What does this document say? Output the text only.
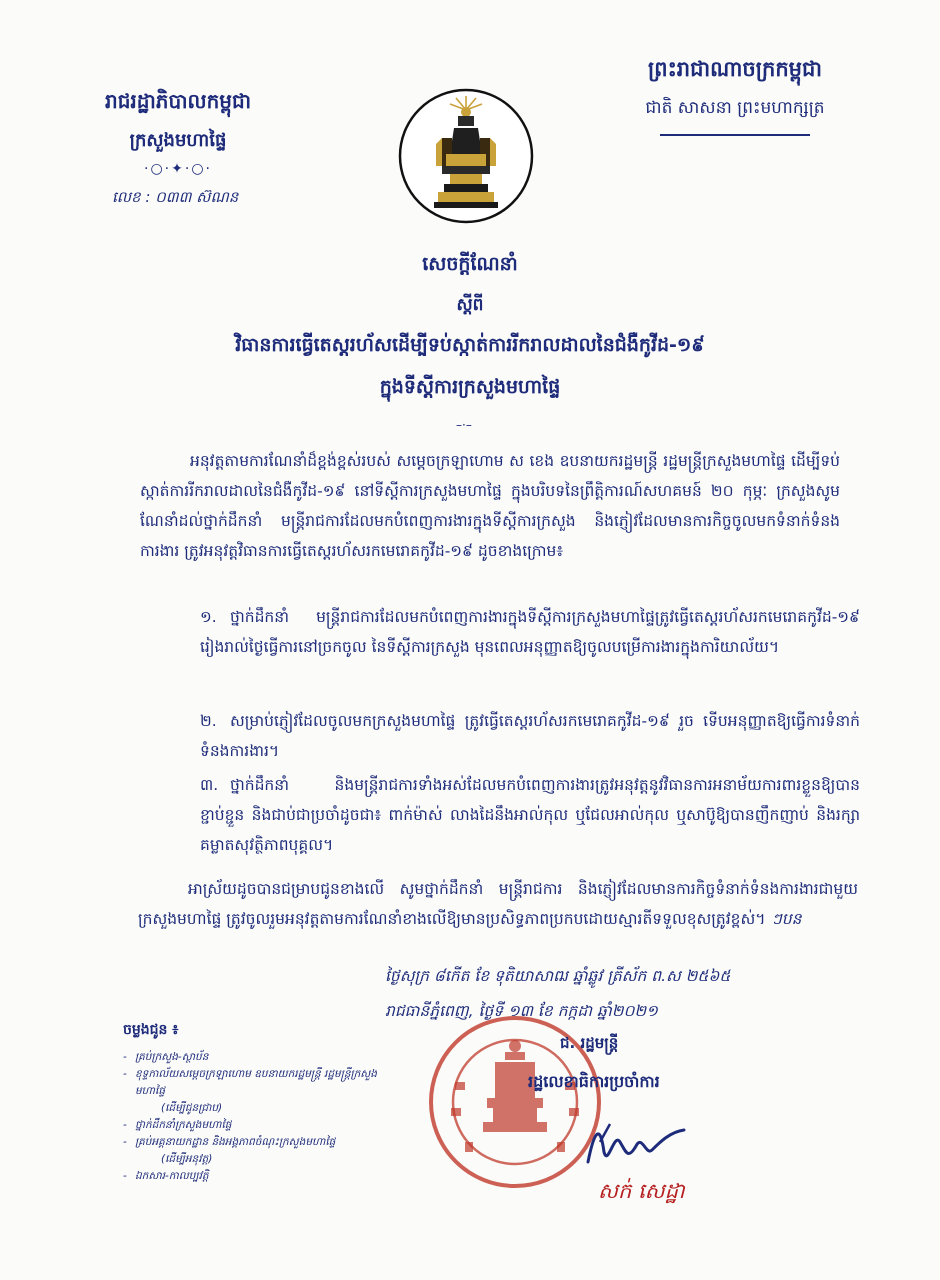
រាជរដ្ឋាភិបាលកម្ពុជា
ក្រសួងមហាផ្ទៃ
·○·✦·○·
លេខ : ០៣៣ ស៊ណន
ព្រះរាជាណាចក្រកម្ពុជា
ជាតិ សាសនា ព្រះមហាក្សត្រ
សេចក្ដីណែនាំ
ស្ដីពី
វិធានការធ្វើតេស្តរហ័សដើម្បីទប់ស្កាត់ការរីករាលដាលនៃជំងឺកូវីដ-១៩
ក្នុងទីស្ដីការក្រសួងមហាផ្ទៃ
–·–
អនុវត្តតាមការណែនាំដ៏ខ្ពង់ខ្ពស់របស់ សម្ដេចក្រឡាហោម ស ខេង ឧបនាយករដ្ឋមន្ត្រី រដ្ឋមន្ត្រីក្រសួងមហាផ្ទៃ ដើម្បីទប់ស្កាត់ការរីករាលដាលនៃជំងឺកូវីដ-១៩ នៅទីស្ដីការក្រសួងមហាផ្ទៃ ក្នុងបរិបទនៃព្រឹត្តិការណ៍សហគមន៍ ២០ កុម្ភៈ ក្រសួងសូមណែនាំដល់ថ្នាក់ដឹកនាំ មន្ត្រីរាជការដែលមកបំពេញការងារក្នុងទីស្ដីការក្រសួង និងភ្ញៀវដែលមានការកិច្ចចូលមកទំនាក់ទំនងការងារ ត្រូវអនុវត្តវិធានការធ្វើតេស្តរហ័សរកមេរោគកូវីដ-១៩ ដូចខាងក្រោម៖
១. ថ្នាក់ដឹកនាំ មន្ត្រីរាជការដែលមកបំពេញការងារក្នុងទីស្ដីការក្រសួងមហាផ្ទៃត្រូវធ្វើតេស្តរហ័សរកមេរោគកូវីដ-១៩ រៀងរាល់ថ្ងៃធ្វើការនៅច្រកចូល នៃទីស្ដីការក្រសួង មុនពេលអនុញ្ញាតឱ្យចូលបម្រើការងារក្នុងការិយាល័យ។
២. សម្រាប់ភ្ញៀវដែលចូលមកក្រសួងមហាផ្ទៃ ត្រូវធ្វើតេស្តរហ័សរកមេរោគកូវីដ-១៩ រួច ទើបអនុញ្ញាតឱ្យធ្វើការទំនាក់ទំនងការងារ។
៣. ថ្នាក់ដឹកនាំ និងមន្ត្រីរាជការទាំងអស់ដែលមកបំពេញការងារត្រូវអនុវត្តនូវវិធានការអនាម័យការពារខ្លួនឱ្យបានខ្ជាប់ខ្ជួន និងជាប់ជាប្រចាំដូចជា៖ ពាក់ម៉ាស់ លាងដៃនឹងអាល់កុល ឬជែលអាល់កុល ឬសាប៊ូឱ្យបានញឹកញាប់ និងរក្សាគម្លាតសុវត្ថិភាពបុគ្គល។
អាស្រ័យដូចបានជម្រាបជូនខាងលើ សូមថ្នាក់ដឹកនាំ មន្ត្រីរាជការ និងភ្ញៀវដែលមានការកិច្ចទំនាក់ទំនងការងារជាមួយក្រសួងមហាផ្ទៃ ត្រូវចូលរួមអនុវត្តតាមការណែនាំខាងលើឱ្យមានប្រសិទ្ធភាពប្រកបដោយស្មារតីទទួលខុសត្រូវខ្ពស់។ ៗបន
ថ្ងៃសុក្រ ៨កើត ខែ ទុតិយាសាឍ ឆ្នាំឆ្លូវ ត្រីស័ក ព.ស ២៥៦៥
រាជធានីភ្នំពេញ, ថ្ងៃទី ១៣ ខែ កក្កដា ឆ្នាំ២០២១
ជ. រដ្ឋមន្ត្រី
រដ្ឋលេខាធិការប្រចាំការ
សក់ សេដ្ឋា
ចម្លងជូន ៖
- គ្រប់ក្រសួង-ស្ថាប័ន
- ខុទ្ទកាល័យសម្ដេចក្រឡាហោម ឧបនាយករដ្ឋមន្ត្រី រដ្ឋមន្ត្រីក្រសួងមហាផ្ទៃ
(ដើម្បីជូនជ្រាប)
- ថ្នាក់ដឹកនាំក្រសួងមហាផ្ទៃ
- គ្រប់អគ្គនាយកដ្ឋាន និងអង្គភាពចំណុះក្រសួងមហាផ្ទៃ
(ដើម្បីអនុវត្ត)
- ឯកសារ-កាលប្បវត្តិ
